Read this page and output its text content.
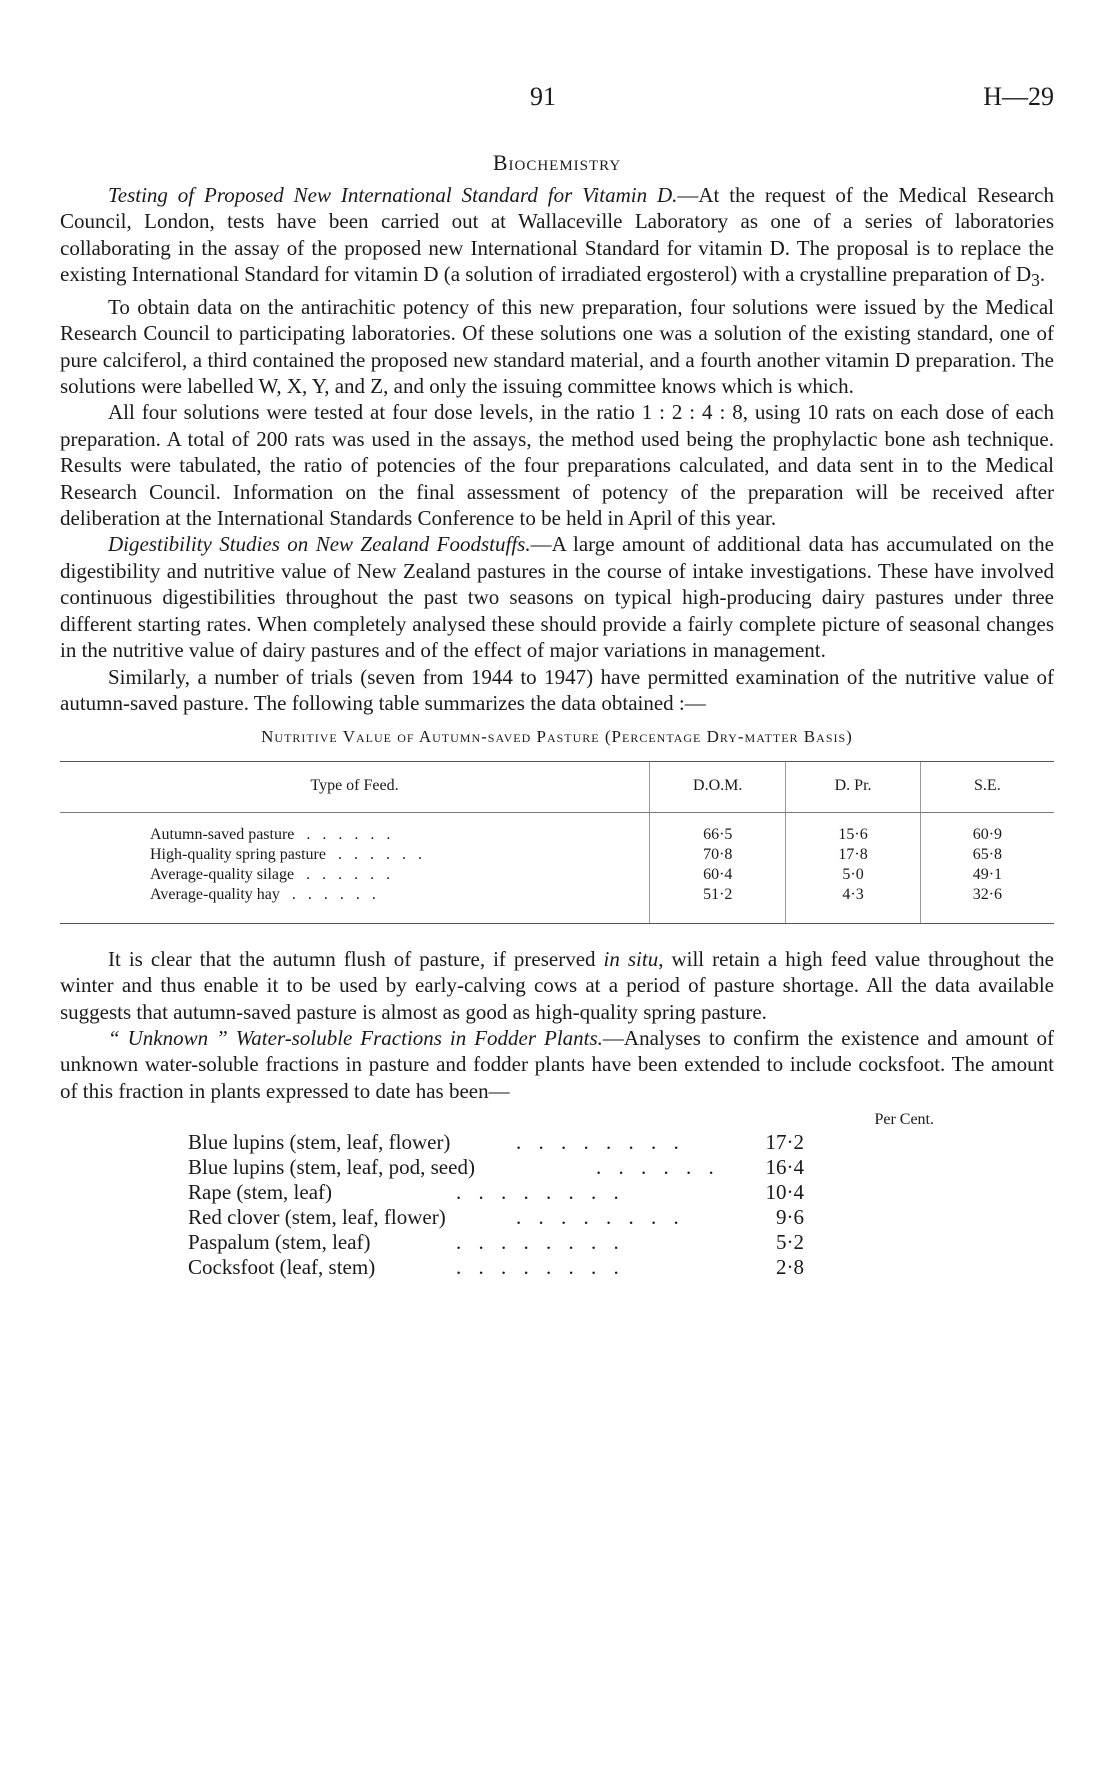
91	H—29
Biochemistry

Testing of Proposed New International Standard for Vitamin D.—At the request of the Medical Research Council, London, tests have been carried out at Wallaceville Laboratory as one of a series of laboratories collaborating in the assay of the proposed new International Standard for vitamin D. The proposal is to replace the existing International Standard for vitamin D (a solution of irradiated ergosterol) with a crystalline preparation of $D_3$.

To obtain data on the antirachitic potency of this new preparation, four solutions were issued by the Medical Research Council to participating laboratories. Of these solutions one was a solution of the existing standard, one of pure calciferol, a third contained the proposed new standard material, and a fourth another vitamin D preparation. The solutions were labelled W, X, Y, and Z, and only the issuing committee knows which is which.

All four solutions were tested at four dose levels, in the ratio 1 : 2 : 4 : 8, using 10 rats on each dose of each preparation. A total of 200 rats was used in the assays, the method used being the prophylactic bone ash technique. Results were tabulated, the ratio of potencies of the four preparations calculated, and data sent in to the Medical Research Council. Information on the final assessment of potency of the preparation will be received after deliberation at the International Standards Conference to be held in April of this year.

Digestibility Studies on New Zealand Foodstuffs.—A large amount of additional data has accumulated on the digestibility and nutritive value of New Zealand pastures in the course of intake investigations. These have involved continuous digestibilities throughout the past two seasons on typical high-producing dairy pastures under three different starting rates. When completely analysed these should provide a fairly complete picture of seasonal changes in the nutritive value of dairy pastures and of the effect of major variations in management.

Similarly, a number of trials (seven from 1944 to 1947) have permitted examination of the nutritive value of autumn-saved pasture. The following table summarizes the data obtained :—

Nutritive Value of Autumn-saved Pasture (Percentage Dry-matter Basis)
Type of Feed.	D.O.M.	D. Pr.	S.E.
Autumn-saved pasture . . . . . .	66·5	15·6	60·9
High-quality spring pasture . . . . . .	70·8	17·8	65·8
Average-quality silage . . . . . .	60·4	5·0	49·1
Average-quality hay . . . . . .	51·2	4·3	32·6

It is clear that the autumn flush of pasture, if preserved in situ, will retain a high feed value throughout the winter and thus enable it to be used by early-calving cows at a period of pasture shortage. All the data available suggests that autumn-saved pasture is almost as good as high-quality spring pasture.

“ Unknown ” Water-soluble Fractions in Fodder Plants.—Analyses to confirm the existence and amount of unknown water-soluble fractions in pasture and fodder plants have been extended to include cocksfoot. The amount of this fraction in plants expressed to date has been—

Per Cent.
Blue lupins (stem, leaf, flower)	. . . . . . . .	17·2
Blue lupins (stem, leaf, pod, seed)	. . . . . . 16·4
Rape (stem, leaf)	. . . . . . . .	10·4
Red clover (stem, leaf, flower)	. . . . . . . .	9·6
Paspalum (stem, leaf)	. . . . . . . .	5·2
Cocksfoot (leaf, stem)	. . . . . . . .	2·8
